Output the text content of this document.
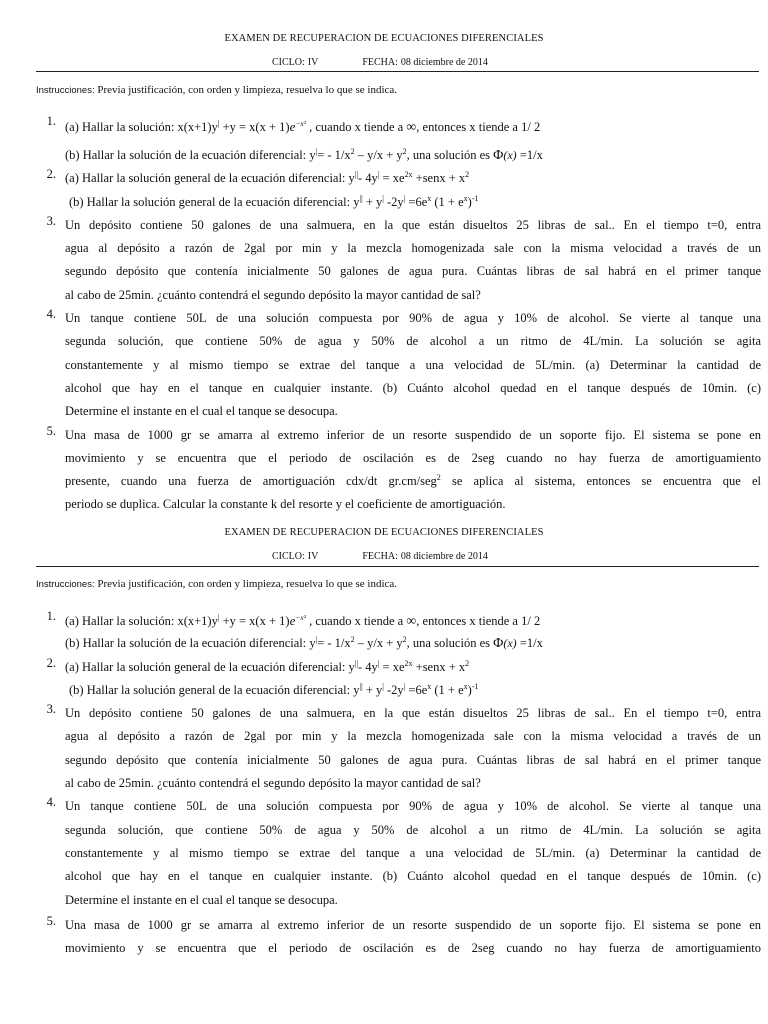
EXAMEN DE RECUPERACION DE ECUACIONES DIFERENCIALES
CICLO: IV	FECHA: 08 diciembre de 2014
Instrucciones: Previa justificación, con orden y limpieza, resuelva lo que se indica.
1. (a) Hallar la solución: $x(x+1)y^| +y = x(x + 1)e^{-x^2}$ , cuando x tiende a ∞, entonces x tiende a 1/ 2
(b) Hallar la solución de la ecuación diferencial: $y^|= - 1/x^2 - y/x + y^2$, una solución es Φ(x) =1/x
2. (a) Hallar la solución general de la ecuación diferencial: y||- $4y^| = xe^{2x}$ +senx + $x^2$
(b) Hallar la solución general de la ecuación diferencial: y|| + y| $-2y^| =6e^x$ $(1 + e^x)^{-1}$
3. Un depósito contiene 50 galones de una salmuera, en la que están disueltos 25 libras de sal.. En el tiempo t=0, entra
agua al depósito a razón de 2gal por min y la mezcla homogenizada sale con la misma velocidad a través de un
segundo depósito que contenía inicialmente 50 galones de agua pura. Cuántas libras de sal habrá en el primer tanque
al cabo de 25min. ¿cuánto contendrá el segundo depósito la mayor cantidad de sal?
4. Un tanque contiene 50L de una solución compuesta por 90% de agua y 10% de alcohol. Se vierte al tanque una
segunda solución, que contiene 50% de agua y 50% de alcohol a un ritmo de 4L/min. La solución se agita
constantemente y al mismo tiempo se extrae del tanque a una velocidad de 5L/min. (a) Determinar la cantidad de
alcohol que hay en el tanque en cualquier instante. (b) Cuánto alcohol quedad en el tanque después de 10min. (c)
Determine el instante en el cual el tanque se desocupa.
5. Una masa de 1000 gr se amarra al extremo inferior de un resorte suspendido de un soporte fijo. El sistema se pone en
movimiento y se encuentra que el periodo de oscilación es de 2seg cuando no hay fuerza de amortiguamiento
presente, cuando una fuerza de amortiguación cdx/dt gr.cm/seg$^2$ se aplica al sistema, entonces se encuentra que el
periodo se duplica. Calcular la constante k del resorte y el coeficiente de amortiguación.
EXAMEN DE RECUPERACION DE ECUACIONES DIFERENCIALES
CICLO: IV	FECHA: 08 diciembre de 2014
Instrucciones: Previa justificación, con orden y limpieza, resuelva lo que se indica.
1. (a) Hallar la solución: $x(x+1)y^| +y = x(x + 1)e^{-x^2}$ , cuando x tiende a ∞, entonces x tiende a 1/ 2
(b) Hallar la solución de la ecuación diferencial: $y^|= - 1/x^2 - y/x + y^2$, una solución es Φ(x) =1/x
2. (a) Hallar la solución general de la ecuación diferencial: y||- $4y^| = xe^{2x}$ +senx + $x^2$
(b) Hallar la solución general de la ecuación diferencial: y|| + y| $-2y^| =6e^x$ $(1 + e^x)^{-1}$
3. Un depósito contiene 50 galones de una salmuera, en la que están disueltos 25 libras de sal.. En el tiempo t=0, entra
agua al depósito a razón de 2gal por min y la mezcla homogenizada sale con la misma velocidad a través de un
segundo depósito que contenía inicialmente 50 galones de agua pura. Cuántas libras de sal habrá en el primer tanque
al cabo de 25min. ¿cuánto contendrá el segundo depósito la mayor cantidad de sal?
4. Un tanque contiene 50L de una solución compuesta por 90% de agua y 10% de alcohol. Se vierte al tanque una
segunda solución, que contiene 50% de agua y 50% de alcohol a un ritmo de 4L/min. La solución se agita
constantemente y al mismo tiempo se extrae del tanque a una velocidad de 5L/min. (a) Determinar la cantidad de
alcohol que hay en el tanque en cualquier instante. (b) Cuánto alcohol quedad en el tanque después de 10min. (c)
Determine el instante en el cual el tanque se desocupa.
5. Una masa de 1000 gr se amarra al extremo inferior de un resorte suspendido de un soporte fijo. El sistema se pone en
movimiento y se encuentra que el periodo de oscilación es de 2seg cuando no hay fuerza de amortiguamiento
